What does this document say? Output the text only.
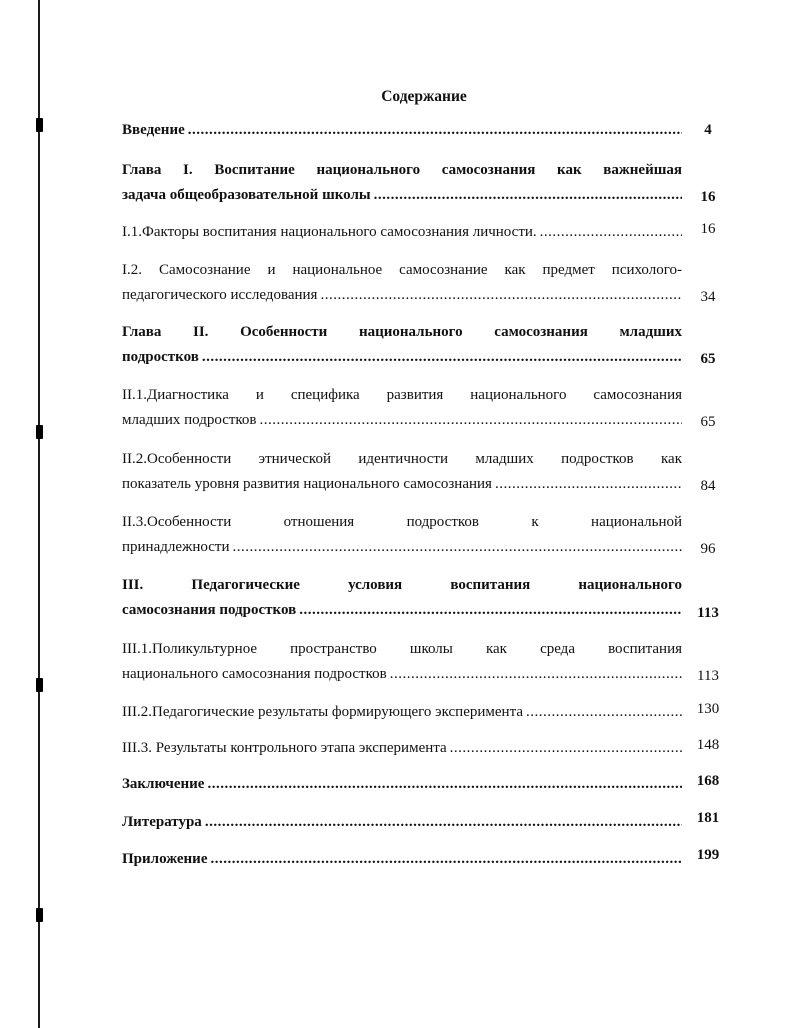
Содержание
Введение .....	4
Глава I. Воспитание национального самосознания как важнейшая
задача общеобразовательной школы .....	16
I.1.Факторы воспитания национального самосознания личности. .....	16
I.2. Самосознание и национальное самосознание как предмет психолого-
педагогического исследования .....	34
Глава II. Особенности национального самосознания младших
подростков .....	65
II.1.Диагностика и специфика развития национального самосознания
младших подростков .....	65
II.2.Особенности этнической идентичности младших подростков как
показатель уровня развития национального самосознания .....	84
II.3.Особенности отношения подростков к национальной
принадлежности .....	96
III. Педагогические условия воспитания национального
самосознания подростков .....	113
III.1.Поликультурное пространство школы как среда воспитания
национального самосознания подростков .....	113
III.2.Педагогические результаты формирующего эксперимента .....	130
III.3. Результаты контрольного этапа эксперимента .....	148
Заключение .....	168
Литература .....	181
Приложение .....	199
